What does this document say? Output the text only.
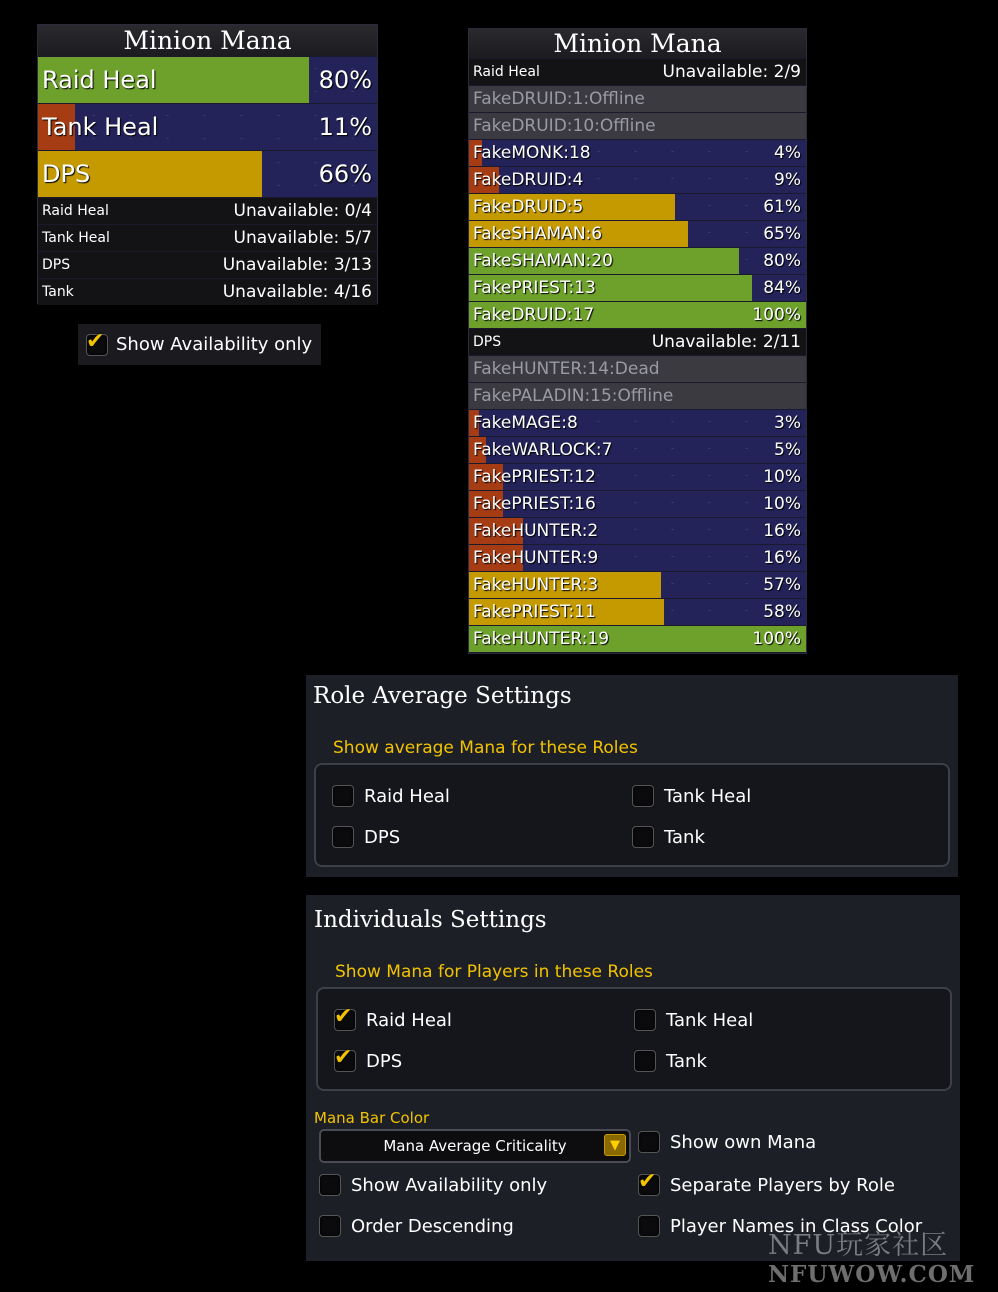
Minion Mana
Raid Heal	80%
Tank Heal	11%
DPS	66%
Raid Heal	Unavailable: 0/4
Tank Heal	Unavailable: 5/7
DPS	Unavailable: 3/13
Tank	Unavailable: 4/16
✔ Show Availability only
Minion Mana
Raid Heal	Unavailable: 2/9
FakeDRUID:1:Offline
FakeDRUID:10:Offline
FakeMONK:18	4%
FakeDRUID:4	9%
FakeDRUID:5	61%
FakeSHAMAN:6	65%
FakeSHAMAN:20	80%
FakePRIEST:13	84%
FakeDRUID:17	100%
DPS	Unavailable: 2/11
FakeHUNTER:14:Dead
FakePALADIN:15:Offline
FakeMAGE:8	3%
FakeWARLOCK:7	5%
FakePRIEST:12	10%
FakePRIEST:16	10%
FakeHUNTER:2	16%
FakeHUNTER:9	16%
FakeHUNTER:3	57%
FakePRIEST:11	58%
FakeHUNTER:19	100%
Role Average Settings
Show average Mana for these Roles
Raid Heal	Tank Heal
DPS	Tank
Individuals Settings
Show Mana for Players in these Roles
✔ Raid Heal	Tank Heal
✔ DPS	Tank
Mana Bar Color
Mana Average Criticality	▼	Show own Mana
Show Availability only	✔ Separate Players by Role
Order Descending	Player Names in Class Color
NFU玩家社区
NFUWOW.COM
